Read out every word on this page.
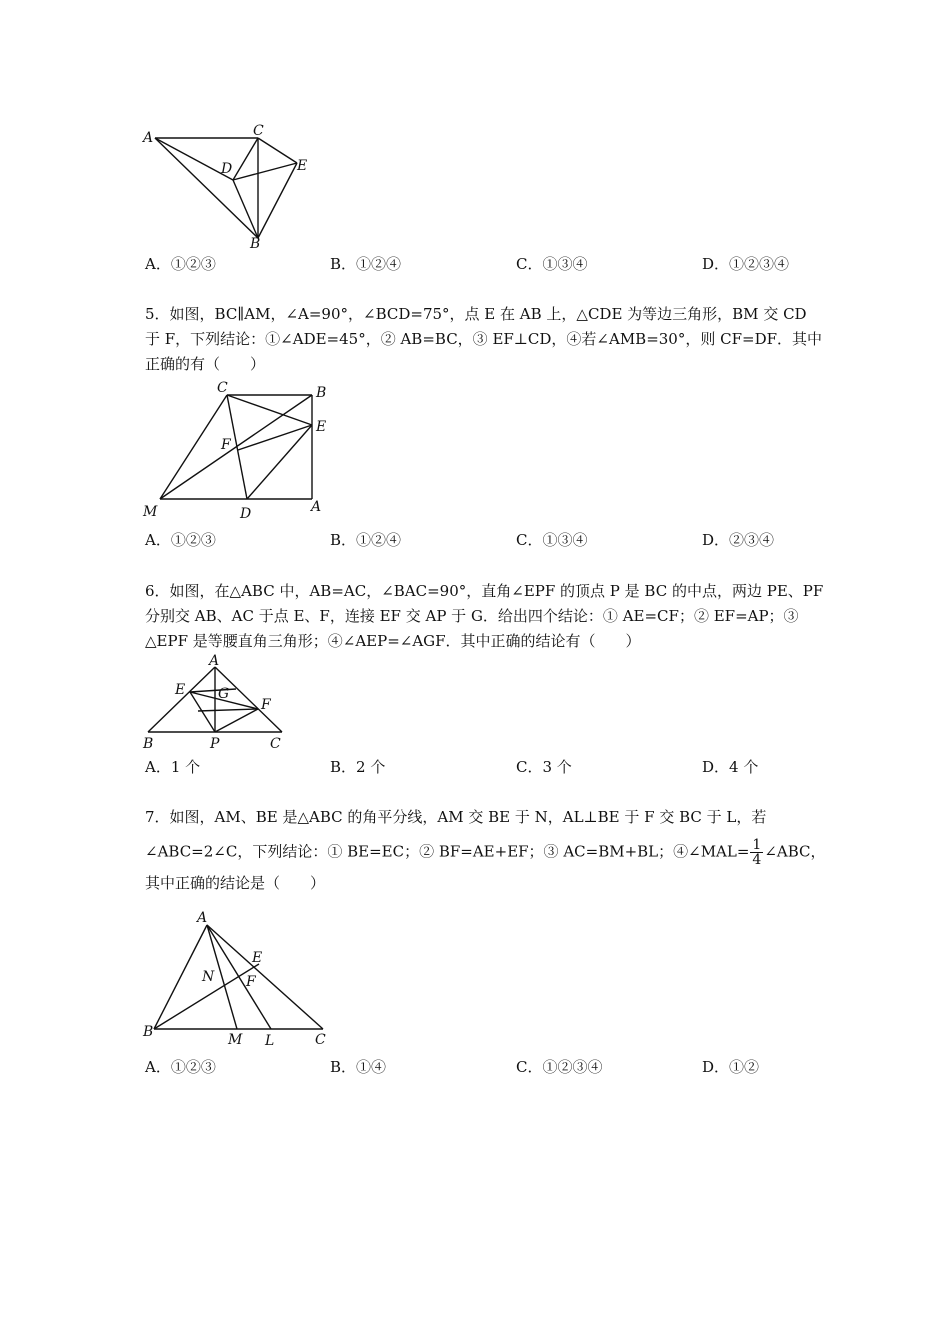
A	C
D	E
B
A．①②③	B．①②④	C．①③④	D．①②③④
5．如图，BC∥AM，∠A=90°，∠BCD=75°，点 E 在 AB 上，△CDE 为等边三角形，BM 交 CD
于 F，下列结论：①∠ADE=45°，② AB=BC，③ EF⊥CD，④若∠AMB=30°，则 CF=DF．其中
正确的有（　　）
C	B
E
F
M	D	A
A．①②③	B．①②④	C．①③④	D．②③④
6．如图，在△ABC 中，AB=AC，∠BAC=90°，直角∠EPF 的顶点 P 是 BC 的中点，两边 PE、PF
分别交 AB、AC 于点 E、F，连接 EF 交 AP 于 G．给出四个结论：① AE=CF；② EF=AP；③
△EPF 是等腰直角三角形；④∠AEP=∠AGF．其中正确的结论有（　　）
A
E G
F
B	P	C
A．1 个	B．2 个	C．3 个	D．4 个
7．如图，AM、BE 是△ABC 的角平分线，AM 交 BE 于 N，AL⊥BE 于 F 交 BC 于 L，若
∠ABC=2∠C，下列结论：① BE=EC；② BF=AE+EF；③ AC=BM+BL；④∠MAL= $\frac{1}{4}$ ∠ABC，
其中正确的结论是（　　）
A
E
N F
B	M L	C
A．①②③	B．①④	C．①②③④	D．①②
